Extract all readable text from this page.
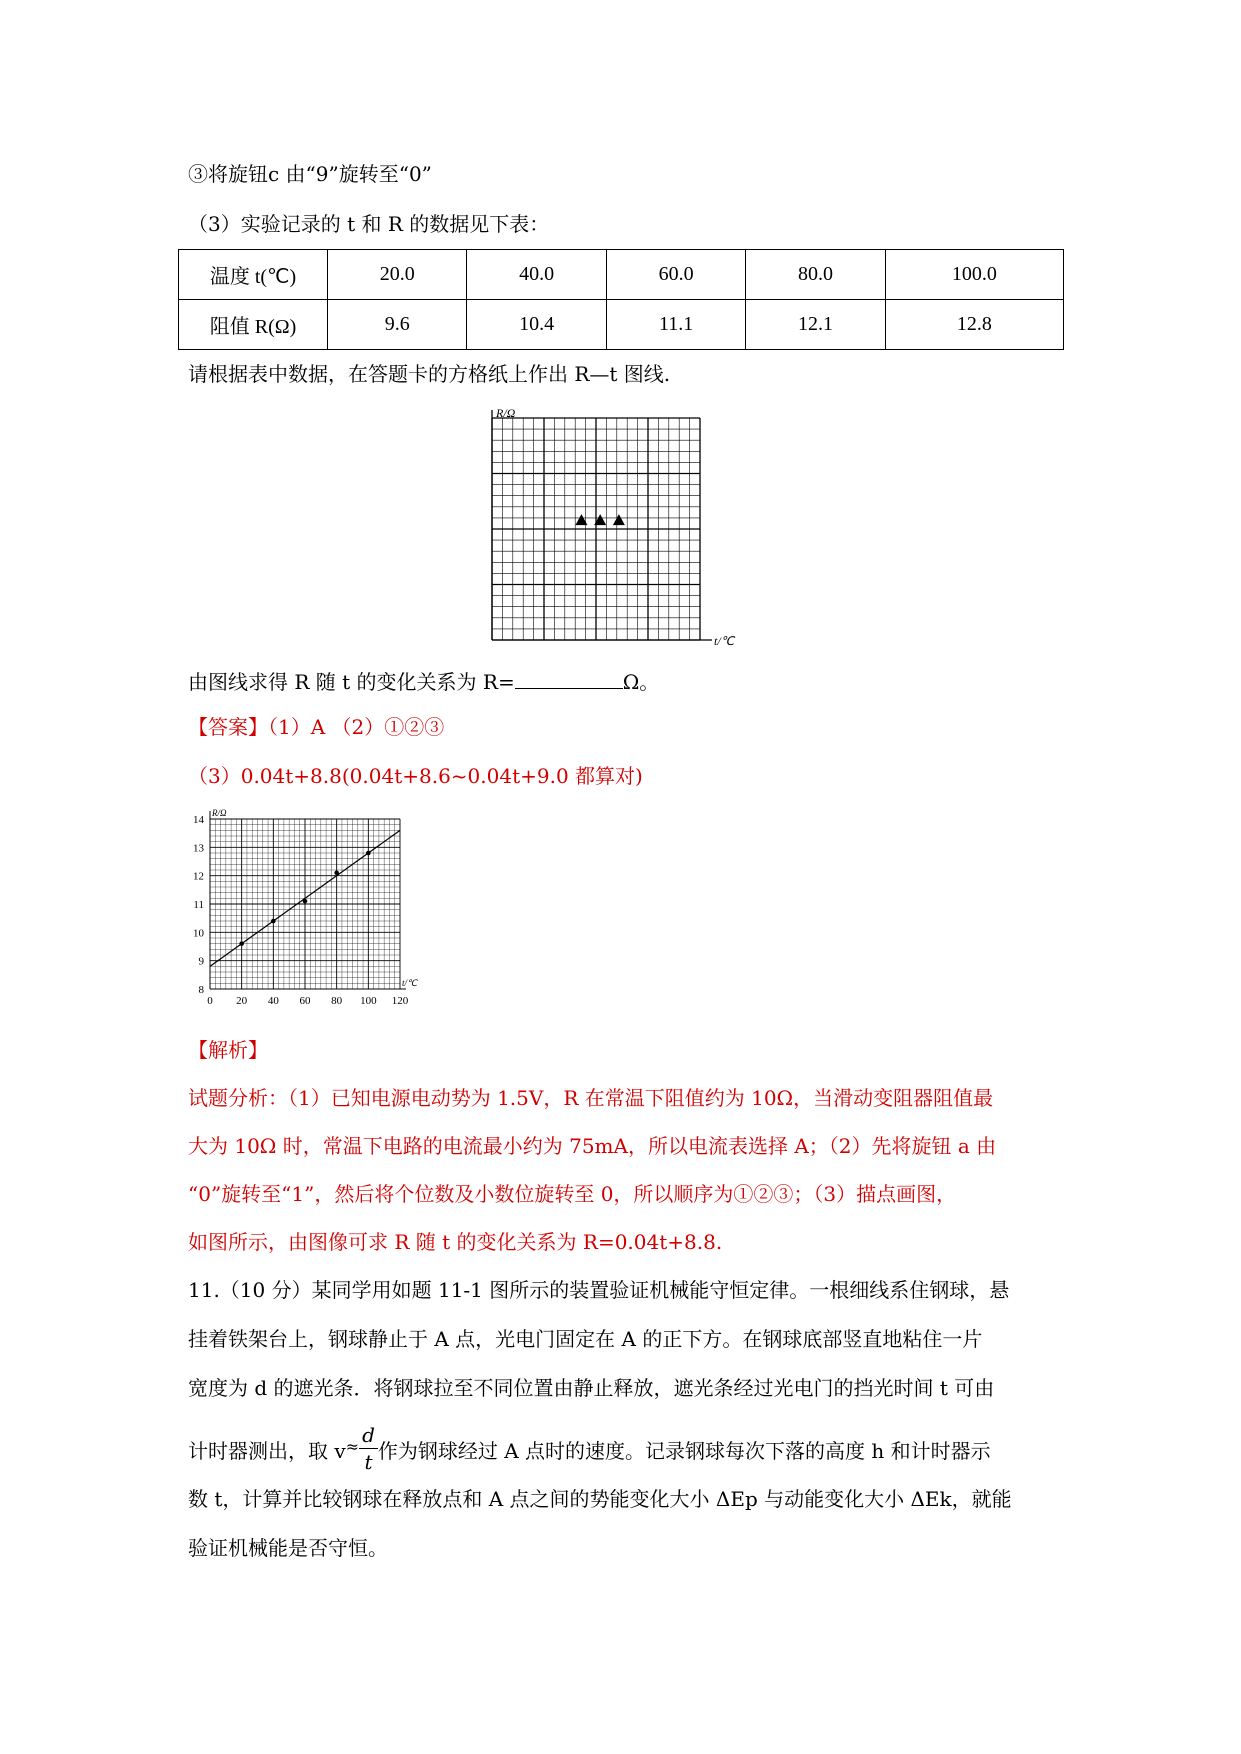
③将旋钮c 由“9”旋转至“0”
（3）实验记录的 t 和 R 的数据见下表：
温度 t(℃)	20.0	40.0	60.0	80.0	100.0
阻值 R(Ω)	9.6	10.4	11.1	12.1	12.8
请根据表中数据，在答题卡的方格纸上作出 R—t 图线.
R/Ω
t/℃
由图线求得 R 随 t 的变化关系为 R=	Ω。
【答案】（1）A （2）①②③
（3）0.04t+8.8(0.04t+8.6~0.04t+9.0 都算对)
0 20 40 60 80 100 120
8
9
10
11
12
13
14
R/Ω
t/℃
【解析】
试题分析：（1）已知电源电动势为 1.5V，R 在常温下阻值约为 10Ω，当滑动变阻器阻值最
大为 10Ω 时，常温下电路的电流最小约为 75mA，所以电流表选择 A；（2）先将旋钮 a 由
“0”旋转至“1”，然后将个位数及小数位旋转至 0，所以顺序为①②③；（3）描点画图，
如图所示，由图像可求 R 随 t 的变化关系为 R=0.04t+8.8.
11.（10 分）某同学用如题 11-1 图所示的装置验证机械能守恒定律。一根细线系住钢球，悬
挂着铁架台上，钢球静止于 A 点，光电门固定在 A 的正下方。在钢球底部竖直地粘住一片
宽度为 d 的遮光条．将钢球拉至不同位置由静止释放，遮光条经过光电门的挡光时间 t 可由
计时器测出，取 $v^\approx \frac{d}{t}$ 作为钢球经过 A 点时的速度。记录钢球每次下落的高度 h 和计时器示
数 t，计算并比较钢球在释放点和 A 点之间的势能变化大小 ΔEp 与动能变化大小 ΔEk，就能
验证机械能是否守恒。
